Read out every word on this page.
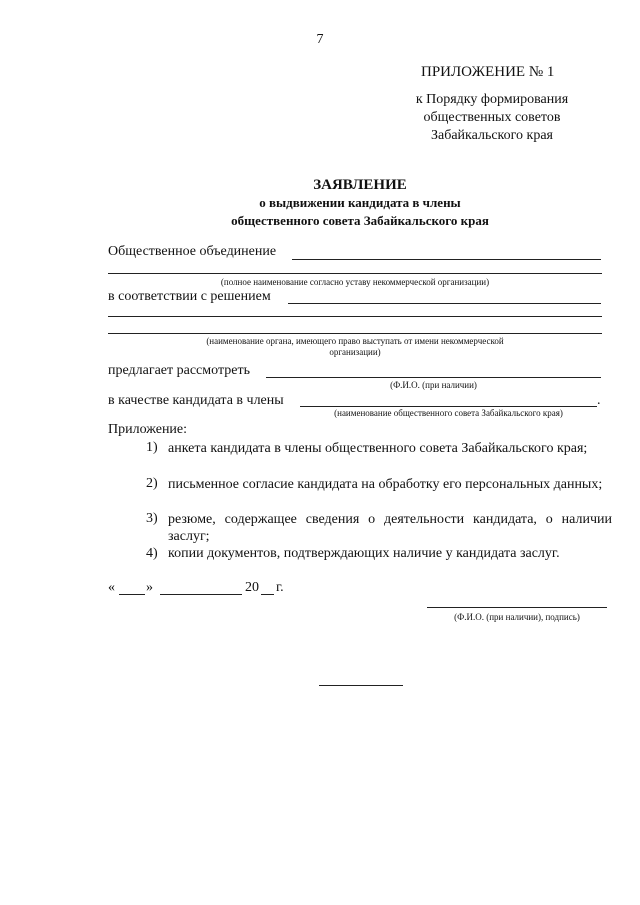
7
ПРИЛОЖЕНИЕ № 1
к Порядку формирования
общественных советов
Забайкальского края
ЗАЯВЛЕНИЕ
о выдвижении кандидата в члены
общественного совета Забайкальского края
Общественное объединение
(полное наименование согласно уставу некоммерческой организации)
в соответствии с решением
(наименование органа, имеющего право выступать от имени некоммерческой
организации)
предлагает рассмотреть
(Ф.И.О. (при наличии)
в качестве кандидата в члены	.
(наименование общественного совета Забайкальского края)
Приложение:
1) анкета кандидата в члены общественного совета Забайкальского края;
2) письменное согласие кандидата на обработку его персональных данных;
3) резюме, содержащее сведения о деятельности кандидата, о наличии заслуг;
4) копии документов, подтверждающих наличие у кандидата заслуг.
« »	20 г.
(Ф.И.О. (при наличии), подпись)
